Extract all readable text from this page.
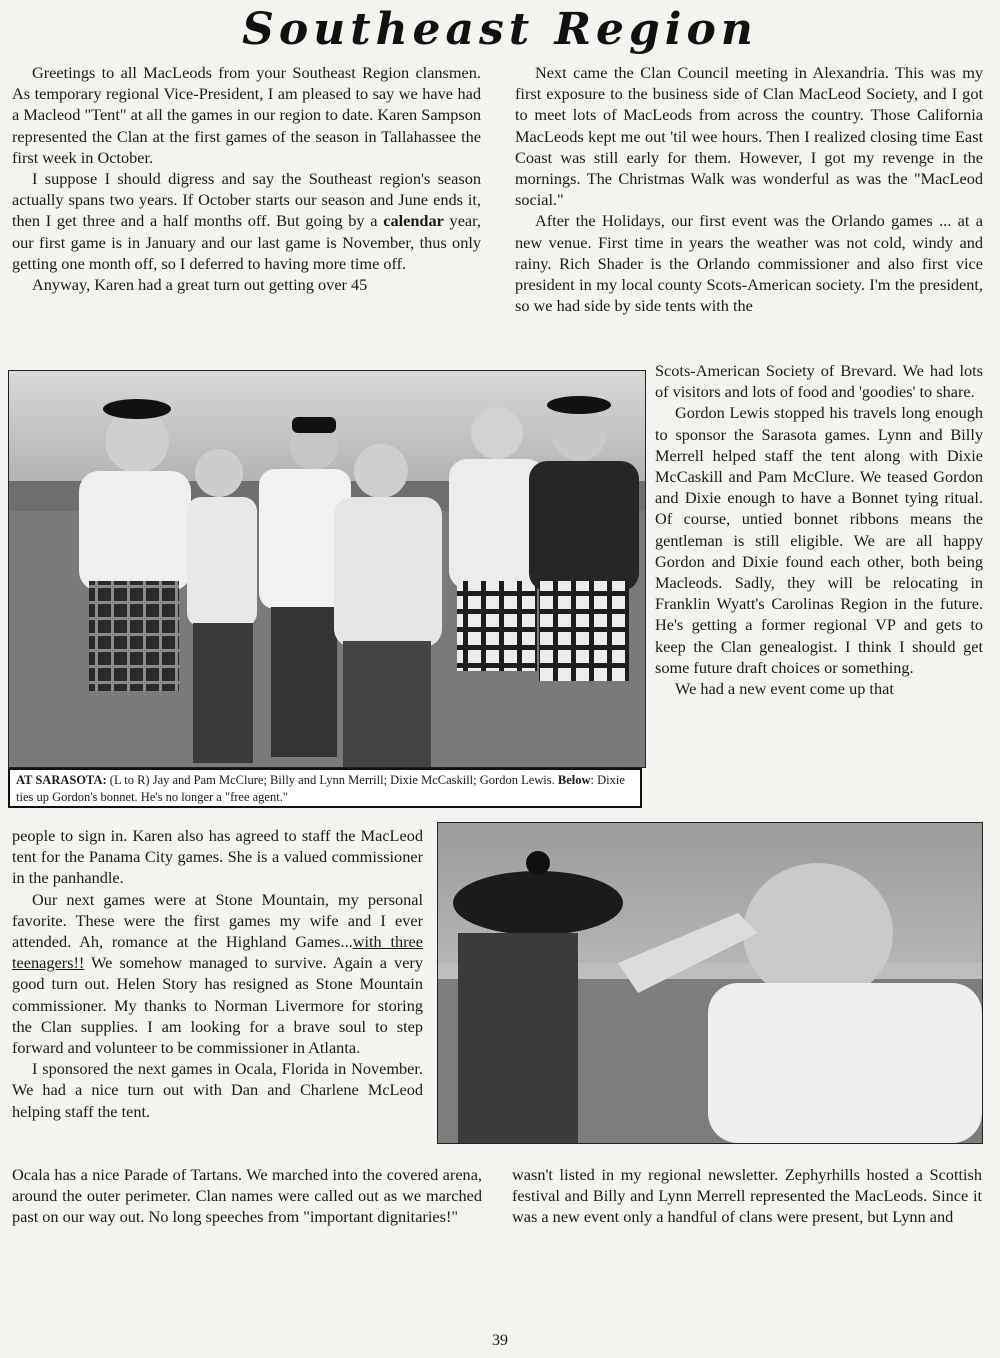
Southeast Region

Greetings to all MacLeods from your Southeast Region clansmen. As temporary regional Vice-President, I am pleased to say we have had a Macleod "Tent" at all the games in our region to date. Karen Sampson represented the Clan at the first games of the season in Tallahassee the first week in October.

I suppose I should digress and say the Southeast region's season actually spans two years. If October starts our season and June ends it, then I get three and a half months off. But going by a calendar year, our first game is in January and our last game is November, thus only getting one month off, so I deferred to having more time off.

Anyway, Karen had a great turn out getting over 45

Next came the Clan Council meeting in Alexandria. This was my first exposure to the business side of Clan MacLeod Society, and I got to meet lots of MacLeods from across the country. Those California MacLeods kept me out 'til wee hours. Then I realized closing time East Coast was still early for them. However, I got my revenge in the mornings. The Christmas Walk was wonderful as was the "MacLeod social."

After the Holidays, our first event was the Orlando games ... at a new venue. First time in years the weather was not cold, windy and rainy. Rich Shader is the Orlando commissioner and also first vice president in my local county Scots-American society. I'm the president, so we had side by side tents with the

Scots-American Society of Brevard. We had lots of visitors and lots of food and 'goodies' to share.

Gordon Lewis stopped his travels long enough to sponsor the Sarasota games. Lynn and Billy Merrell helped staff the tent along with Dixie McCaskill and Pam McClure. We teased Gordon and Dixie enough to have a Bonnet tying ritual. Of course, untied bonnet ribbons means the gentleman is still eligible. We are all happy Gordon and Dixie found each other, both being Macleods. Sadly, they will be relocating in Franklin Wyatt's Carolinas Region in the future. He's getting a former regional VP and gets to keep the Clan genealogist. I think I should get some future draft choices or something.

We had a new event come up that

AT SARASOTA: (L to R) Jay and Pam McClure; Billy and Lynn Merrill; Dixie McCaskill; Gordon Lewis. Below: Dixie ties up Gordon's bonnet. He's no longer a "free agent."

people to sign in. Karen also has agreed to staff the MacLeod tent for the Panama City games. She is a valued commissioner in the panhandle.

Our next games were at Stone Mountain, my personal favorite. These were the first games my wife and I ever attended. Ah, romance at the Highland Games...with three teenagers!! We somehow managed to survive. Again a very good turn out. Helen Story has resigned as Stone Mountain commissioner. My thanks to Norman Livermore for storing the Clan supplies. I am looking for a brave soul to step forward and volunteer to be commissioner in Atlanta.

I sponsored the next games in Ocala, Florida in November. We had a nice turn out with Dan and Charlene McLeod helping staff the tent.

Ocala has a nice Parade of Tartans. We marched into the covered arena, around the outer perimeter. Clan names were called out as we marched past on our way out. No long speeches from "important dignitaries!"

wasn't listed in my regional newsletter. Zephyrhills hosted a Scottish festival and Billy and Lynn Merrell represented the MacLeods. Since it was a new event only a handful of clans were present, but Lynn and

39
